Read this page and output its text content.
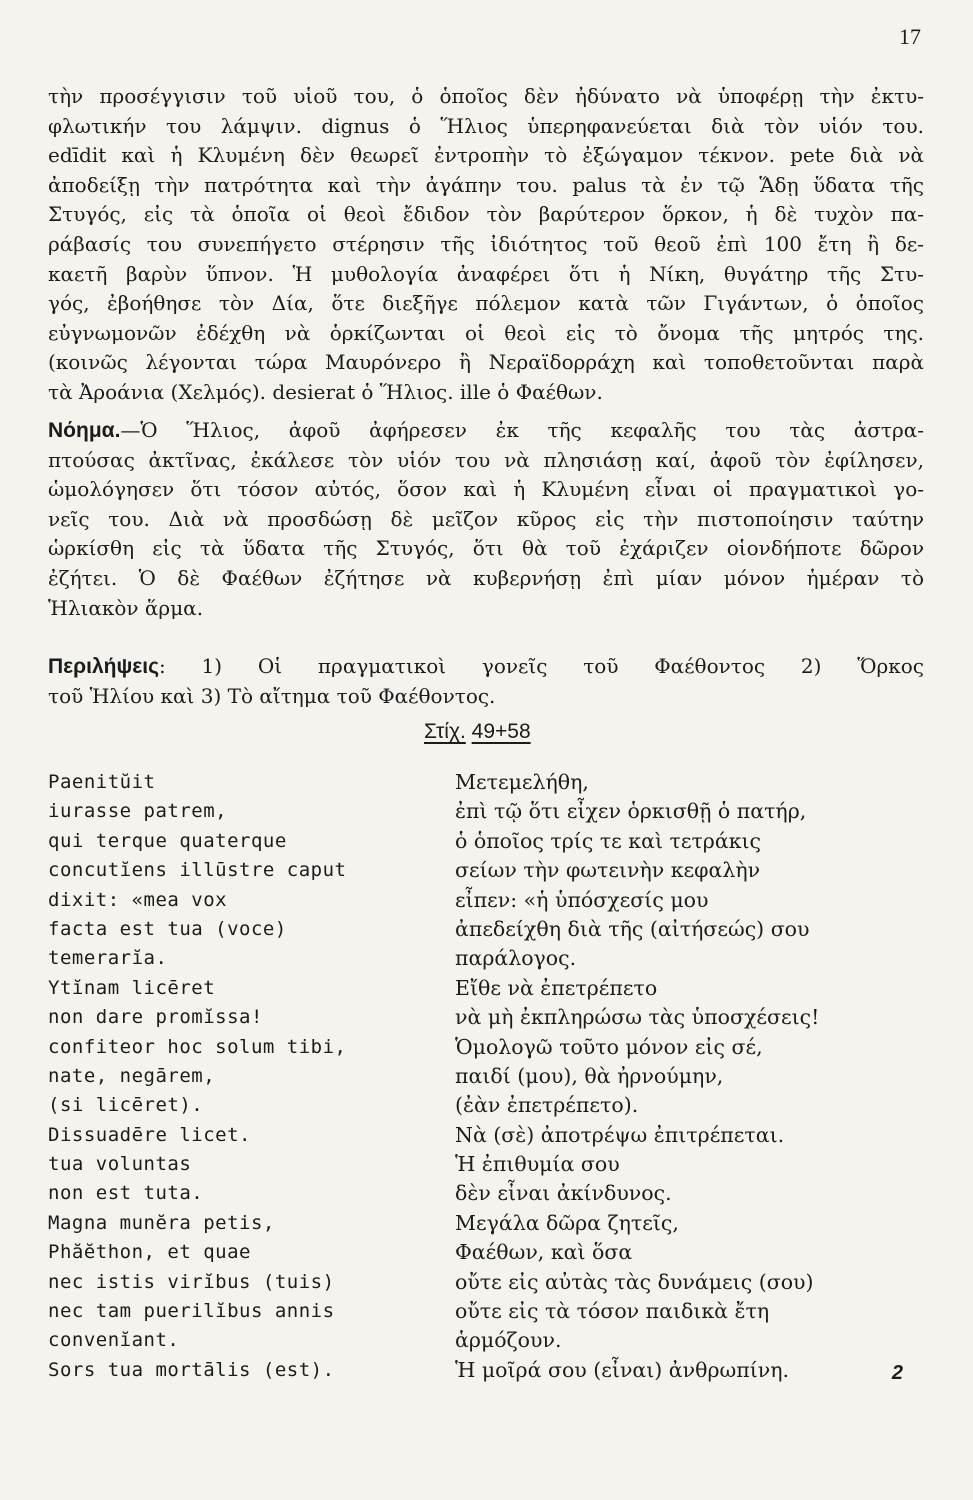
17
τὴν προσέγγισιν τοῦ υἱοῦ του, ὁ ὁποῖος δὲν ἠδύνατο νὰ ὑποφέρῃ τὴν ἐκτυ-
φλωτικήν του λάμψιν. dignus ὁ Ἥλιος ὑπερηφανεύεται διὰ τὸν υἱόν του.
edīdit καὶ ἡ Κλυμένη δὲν θεωρεῖ ἐντροπὴν τὸ ἐξώγαμον τέκνον. pete διὰ νὰ
ἀποδείξῃ τὴν πατρότητα καὶ τὴν ἀγάπην του. palus τὰ ἐν τῷ Ἅδῃ ὕδατα τῆς
Στυγός, εἰς τὰ ὁποῖα οἱ θεοὶ ἔδιδον τὸν βαρύτερον ὅρκον, ἡ δὲ τυχὸν πα-
ράβασίς του συνεπήγετο στέρησιν τῆς ἰδιότητος τοῦ θεοῦ ἐπὶ 100 ἔτη ἢ δε-
καετῆ βαρὺν ὕπνον. Ἡ μυθολογία ἀναφέρει ὅτι ἡ Νίκη, θυγάτηρ τῆς Στυ-
γός, ἐβοήθησε τὸν Δία, ὅτε διεξῆγε πόλεμον κατὰ τῶν Γιγάντων, ὁ ὁποῖος
εὐγνωμονῶν ἐδέχθη νὰ ὁρκίζωνται οἱ θεοὶ εἰς τὸ ὄνομα τῆς μητρός της.
(κοινῶς λέγονται τώρα Μαυρόνερο ἢ Νεραϊδορράχη καὶ τοποθετοῦνται παρὰ
τὰ Ἀροάνια (Χελμός). desierat ὁ Ἥλιος. ille ὁ Φαέθων.
Νόημα.—Ὁ Ἥλιος, ἀφοῦ ἀφήρεσεν ἐκ τῆς κεφαλῆς του τὰς ἀστρα-
πτούσας ἀκτῖνας, ἐκάλεσε τὸν υἱόν του νὰ πλησιάσῃ καί, ἀφοῦ τὸν ἐφίλησεν,
ὡμολόγησεν ὅτι τόσον αὐτός, ὅσον καὶ ἡ Κλυμένη εἶναι οἱ πραγματικοὶ γο-
νεῖς του. Διὰ νὰ προσδώσῃ δὲ μεῖζον κῦρος εἰς τὴν πιστοποίησιν ταύτην
ὡρκίσθη εἰς τὰ ὕδατα τῆς Στυγός, ὅτι θὰ τοῦ ἐχάριζεν οἱονδήποτε δῶρον
ἐζήτει. Ὁ δὲ Φαέθων ἐζήτησε νὰ κυβερνήσῃ ἐπὶ μίαν μόνον ἡμέραν τὸ
Ἡλιακὸν ἅρμα.
Περιλήψεις: 1) Οἱ πραγματικοὶ γονεῖς τοῦ Φαέθοντος 2) Ὅρκος
τοῦ Ἡλίου καὶ 3) Τὸ αἴτημα τοῦ Φαέθοντος.
Στίχ. 49+58
Paenitŭit
iurasse patrem,
qui terque quaterque
concutĭens illūstre caput
dixit: «mea vox
facta est tua (voce)
temerarĭa.
Ytĭnam licēret
non dare promĭssa!
confiteor hoc solum tibi,
nate, negārem,
(si licēret).
Dissuadēre licet.
tua voluntas
non est tuta.
Magna munĕra petis,
Phăĕthon, et quae
nec istis virĭbus (tuis)
nec tam puerilĭbus annis
convenĭant.
Sors tua mortālis (est).
Μετεμελήθη,
ἐπὶ τῷ ὅτι εἶχεν ὁρκισθῇ ὁ πατήρ,
ὁ ὁποῖος τρίς τε καὶ τετράκις
σείων τὴν φωτεινὴν κεφαλὴν
εἶπεν: «ἡ ὑπόσχεσίς μου
ἀπεδείχθη διὰ τῆς (αἰτήσεώς) σου
παράλογος.
Εἴθε νὰ ἐπετρέπετο
νὰ μὴ ἐκπληρώσω τὰς ὑποσχέσεις!
Ὁμολογῶ τοῦτο μόνον εἰς σέ,
παιδί (μου), θὰ ἠρνούμην,
(ἐὰν ἐπετρέπετο).
Νὰ (σὲ) ἀποτρέψω ἐπιτρέπεται.
Ἡ ἐπιθυμία σου
δὲν εἶναι ἀκίνδυνος.
Μεγάλα δῶρα ζητεῖς,
Φαέθων, καὶ ὅσα
οὔτε εἰς αὐτὰς τὰς δυνάμεις (σου)
οὔτε εἰς τὰ τόσον παιδικὰ ἔτη
ἁρμόζουν.
Ἡ μοῖρά σου (εἶναι) ἀνθρωπίνη.	2
